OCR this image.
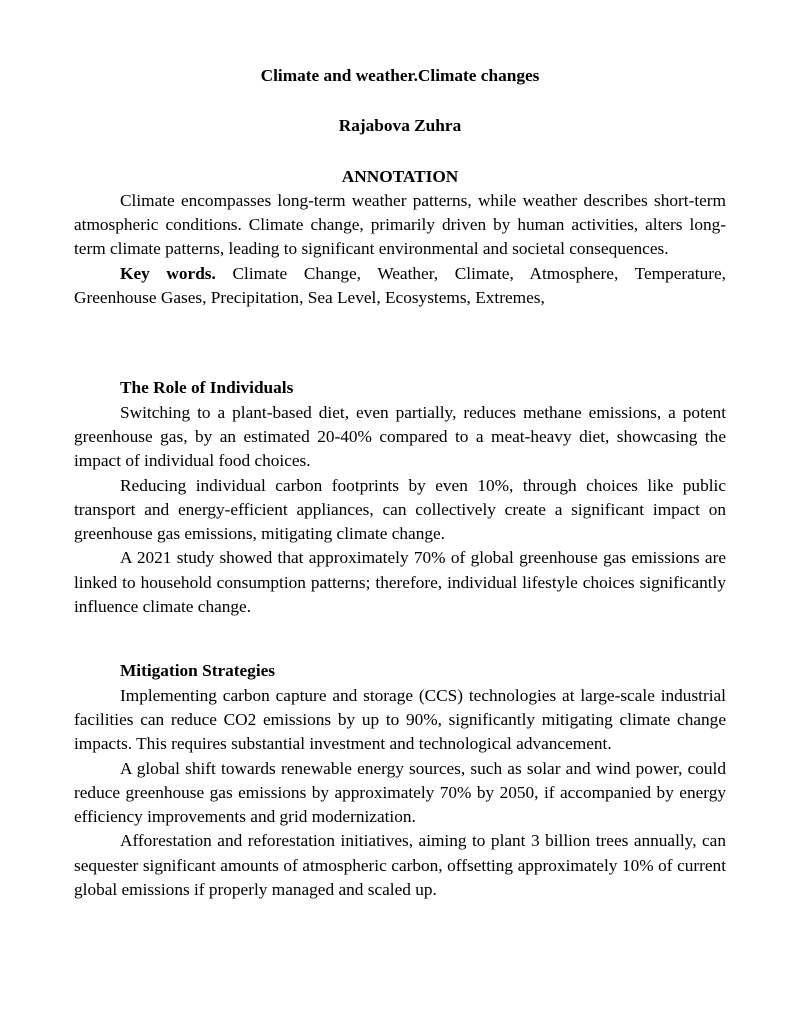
Climate and weather.Climate changes

Rajabova Zuhra

ANNOTATION

Climate encompasses long-term weather patterns, while weather describes short-term atmospheric conditions. Climate change, primarily driven by human activities, alters long-term climate patterns, leading to significant environmental and societal consequences.

Key words. Climate Change, Weather, Climate, Atmosphere, Temperature, Greenhouse Gases, Precipitation, Sea Level, Ecosystems, Extremes,

The Role of Individuals

Switching to a plant-based diet, even partially, reduces methane emissions, a potent greenhouse gas, by an estimated 20-40% compared to a meat-heavy diet, showcasing the impact of individual food choices.

Reducing individual carbon footprints by even 10%, through choices like public transport and energy-efficient appliances, can collectively create a significant impact on greenhouse gas emissions, mitigating climate change.

A 2021 study showed that approximately 70% of global greenhouse gas emissions are linked to household consumption patterns; therefore, individual lifestyle choices significantly influence climate change.

Mitigation Strategies

Implementing carbon capture and storage (CCS) technologies at large-scale industrial facilities can reduce CO2 emissions by up to 90%, significantly mitigating climate change impacts. This requires substantial investment and technological advancement.

A global shift towards renewable energy sources, such as solar and wind power, could reduce greenhouse gas emissions by approximately 70% by 2050, if accompanied by energy efficiency improvements and grid modernization.

Afforestation and reforestation initiatives, aiming to plant 3 billion trees annually, can sequester significant amounts of atmospheric carbon, offsetting approximately 10% of current global emissions if properly managed and scaled up.
